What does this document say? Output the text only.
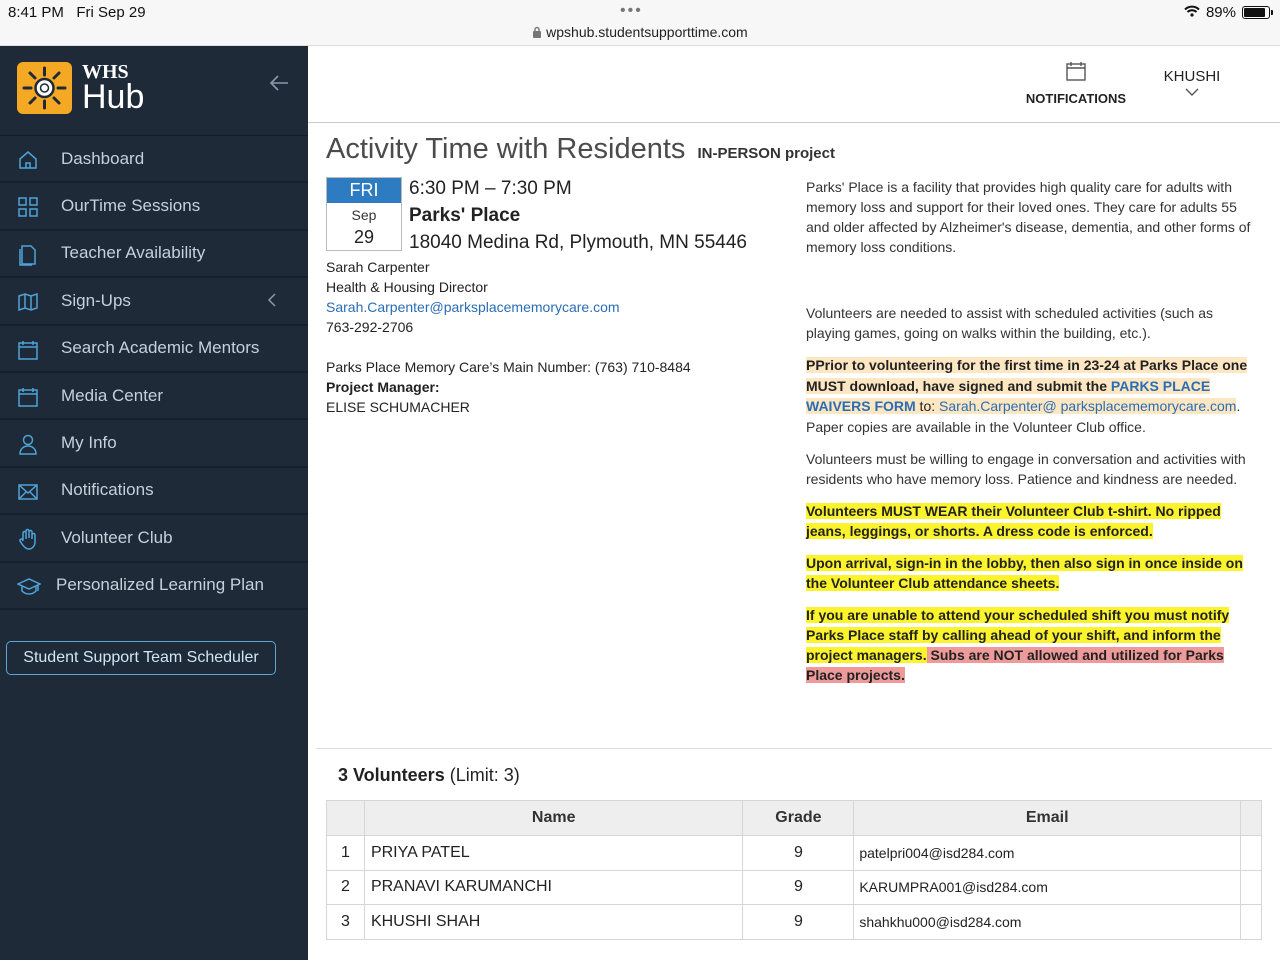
8:41 PM Fri Sep 29	•••
wpshub.studentsupporttime.com
89%
WHS
Hub
Dashboard
OurTime Sessions
Teacher Availability
Sign-Ups
Search Academic Mentors
Media Center
My Info
Notifications
Volunteer Club
Personalized Learning Plan
Student Support Team Scheduler
NOTIFICATIONS
KHUSHI
Activity Time with Residents IN-PERSON project
FRI
Sep
29
6:30 PM – 7:30 PM
Parks' Place
18040 Medina Rd, Plymouth, MN 55446
Sarah Carpenter
Health & Housing Director
Sarah.Carpenter@parksplacememorycare.com
763-292-2706
Parks Place Memory Care’s Main Number: (763) 710-8484
Project Manager:
ELISE SCHUMACHER

Parks' Place is a facility that provides high quality care for adults with memory loss and support for their loved ones. They care for adults 55 and older affected by Alzheimer's disease, dementia, and other forms of memory loss conditions.

Volunteers are needed to assist with scheduled activities (such as playing games, going on walks within the building, etc.).

PPrior to volunteering for the first time in 23-24 at Parks Place one MUST download, have signed and submit the PARKS PLACE WAIVERS FORM to: Sarah.Carpenter@ parksplacememorycare.com. Paper copies are available in the Volunteer Club office.

Volunteers must be willing to engage in conversation and activities with residents who have memory loss. Patience and kindness are needed.

Volunteers MUST WEAR their Volunteer Club t-shirt. No ripped jeans, leggings, or shorts. A dress code is enforced.

Upon arrival, sign-in in the lobby, then also sign in once inside on the Volunteer Club attendance sheets.

If you are unable to attend your scheduled shift you must notify Parks Place staff by calling ahead of your shift, and inform the project managers. Subs are NOT allowed and utilized for Parks Place projects.

3 Volunteers (Limit: 3)
	Name	Grade	Email	
1	PRIYA PATEL	9	patelpri004@isd284.com	
2	PRANAVI KARUMANCHI	9	KARUMPRA001@isd284.com	
3	KHUSHI SHAH	9	shahkhu000@isd284.com	
